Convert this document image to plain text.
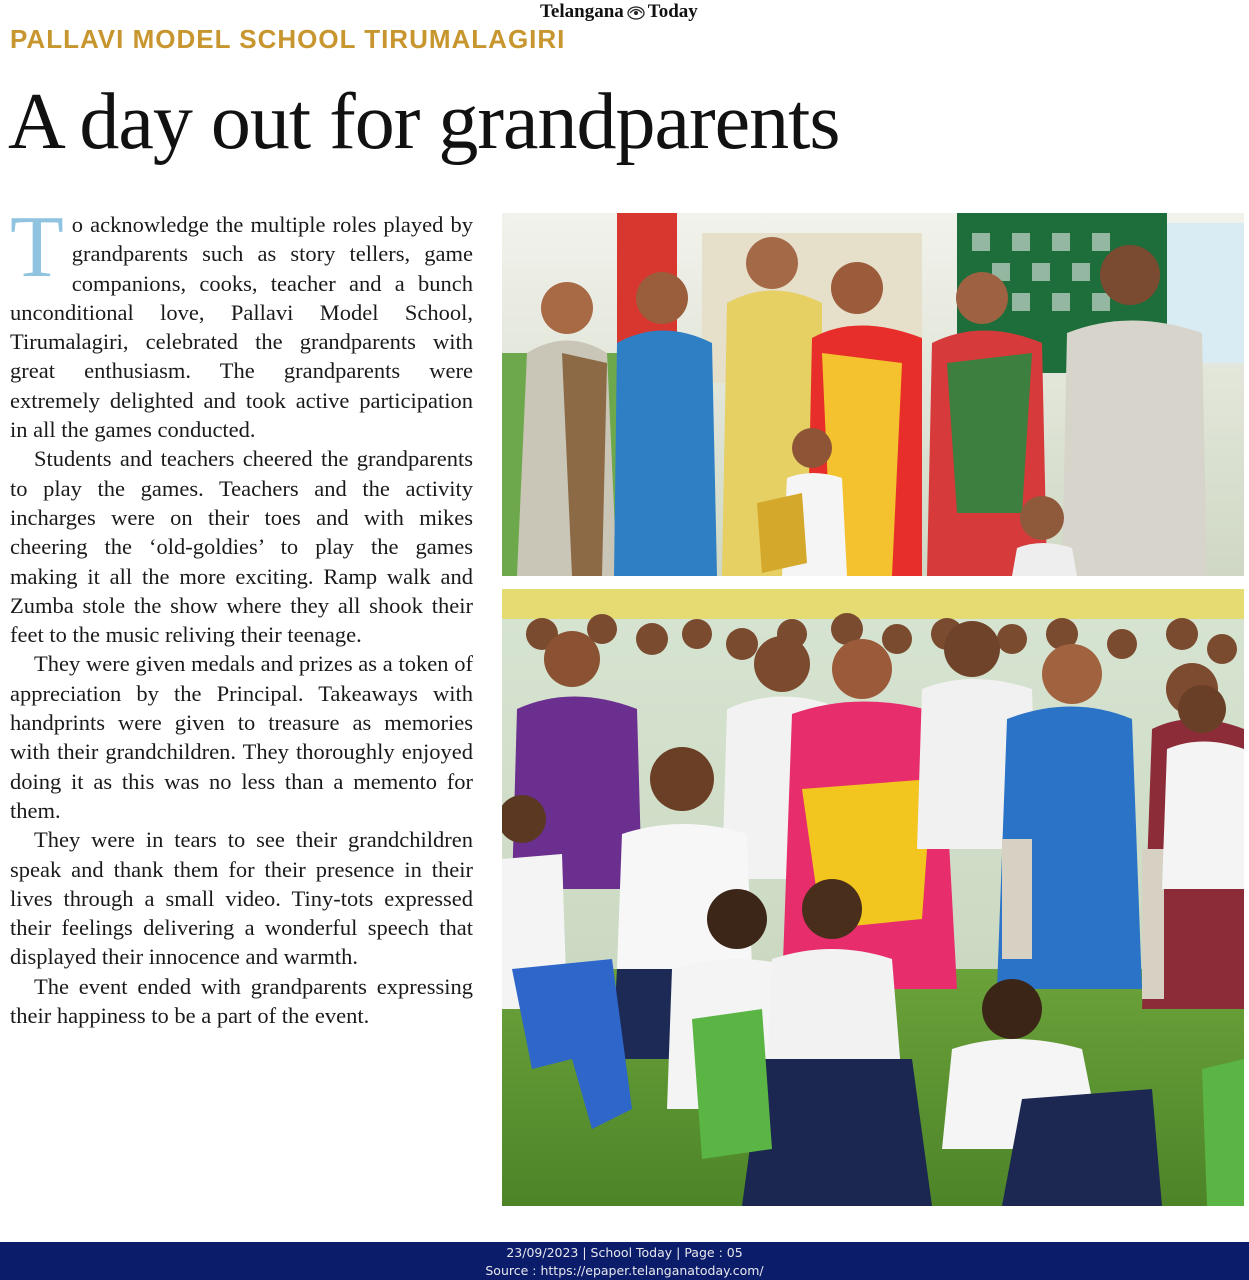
Telangana Today
PALLAVI MODEL SCHOOL TIRUMALAGIRI
A day out for grandparents

To acknowledge the multiple roles played by grandparents such as story tellers, game companions, cooks, teacher and a bunch unconditional love, Pallavi Model School, Tirumalagiri, celebrated the grandparents with great enthusiasm. The grandparents were extremely delighted and took active participation in all the games conducted.

Students and teachers cheered the grandparents to play the games. Teachers and the activity incharges were on their toes and with mikes cheering the ‘old-goldies’ to play the games making it all the more exciting. Ramp walk and Zumba stole the show where they all shook their feet to the music reliving their teenage.

They were given medals and prizes as a token of appreciation by the Principal. Takeaways with handprints were given to treasure as memories with their grandchildren. They thoroughly enjoyed doing it as this was no less than a memento for them.

They were in tears to see their grandchildren speak and thank them for their presence in their lives through a small video. Tiny-tots expressed their feelings delivering a wonderful speech that displayed their innocence and warmth.

The event ended with grandparents expressing their happiness to be a part of the event.

23/09/2023 | School Today | Page : 05
Source : https://epaper.telanganatoday.com/
